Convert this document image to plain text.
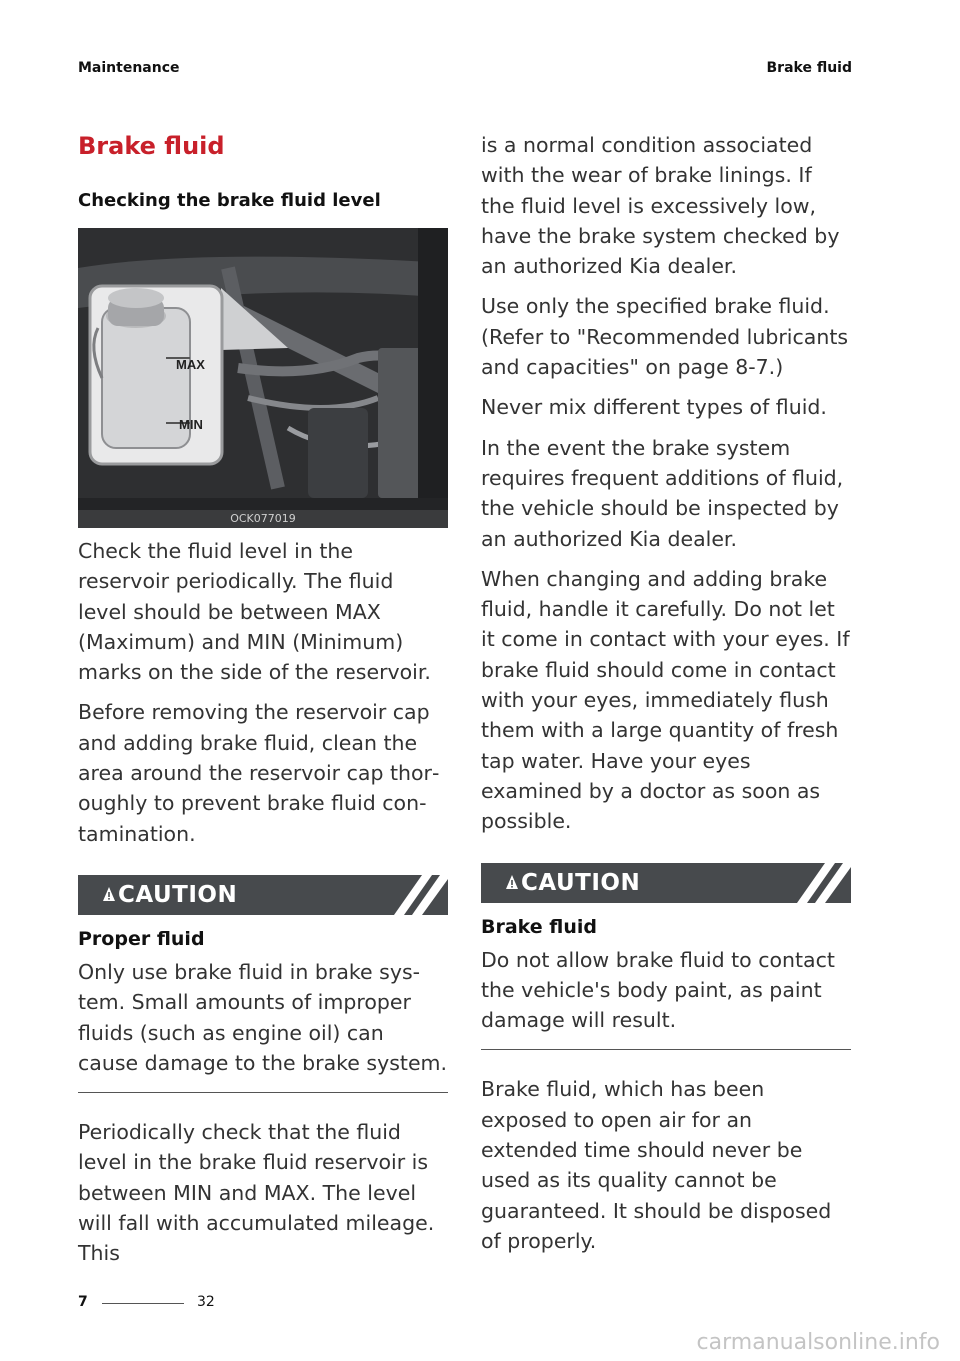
Maintenance	Brake fluid
Brake fluid
Checking the brake fluid level
MAX
MIN
OCK077019

Check the fluid level in the reservoir periodically. The fluid level should be between MAX (Maximum) and MIN (Minimum) marks on the side of the reservoir.

Before removing the reservoir cap and adding brake fluid, clean the area around the reservoir cap thoroughly to prevent brake fluid contamination.

CAUTION
Proper fluid

Only use brake fluid in brake system. Small amounts of improper fluids (such as engine oil) can cause damage to the brake system.

Periodically check that the fluid level in the brake fluid reservoir is between MIN and MAX. The level will fall with accumulated mileage. This

is a normal condition associated with the wear of brake linings. If the fluid level is excessively low, have the brake system checked by an authorized Kia dealer.

Use only the specified brake fluid. (Refer to "Recommended lubricants and capacities" on page 8-7.)

Never mix different types of fluid.

In the event the brake system requires frequent additions of fluid, the vehicle should be inspected by an authorized Kia dealer.

When changing and adding brake fluid, handle it carefully. Do not let it come in contact with your eyes. If brake fluid should come in contact with your eyes, immediately flush them with a large quantity of fresh tap water. Have your eyes examined by a doctor as soon as possible.

CAUTION
Brake fluid

Do not allow brake fluid to contact the vehicle's body paint, as paint damage will result.

Brake fluid, which has been exposed to open air for an extended time should never be used as its quality cannot be guaranteed. It should be disposed of properly.

7	32
carmanualsonline.info
